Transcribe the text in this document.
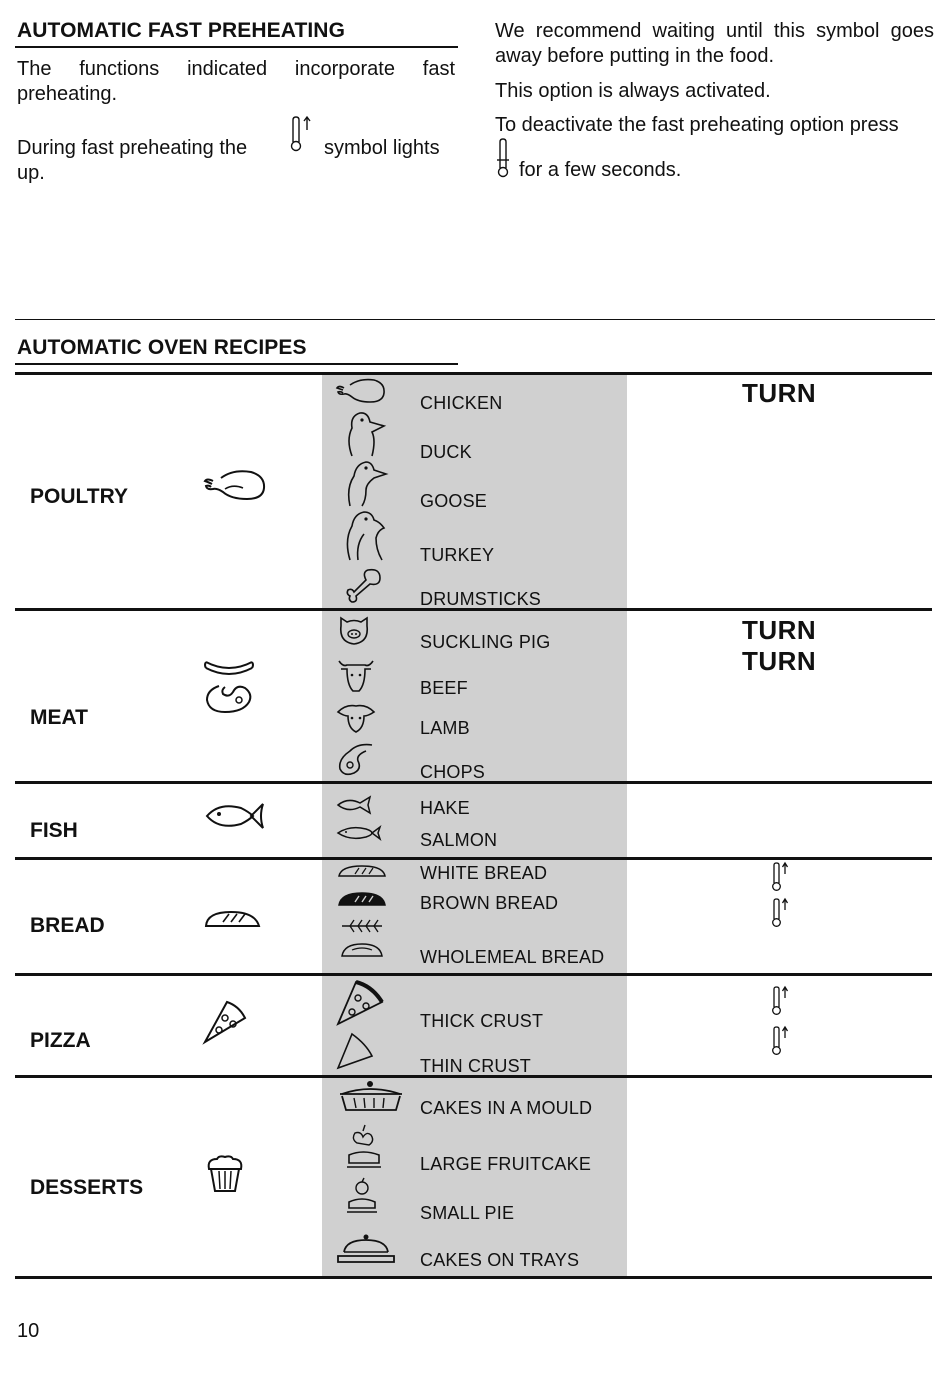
AUTOMATIC FAST PREHEATING
The functions indicated incorporate fast preheating.
During fast preheating the	symbol lights
up.
We recommend waiting until this symbol goes away before putting in the food.
This option is always activated.
To deactivate the fast preheating option press
for a few seconds.
AUTOMATIC OVEN RECIPES
POULTRY
MEAT
FISH
BREAD
PIZZA
DESSERTS
CHICKEN
DUCK
GOOSE
TURKEY
DRUMSTICKS
SUCKLING PIG
BEEF
LAMB
CHOPS
HAKE
SALMON
WHITE BREAD
BROWN BREAD
WHOLEMEAL BREAD
THICK CRUST
THIN CRUST
CAKES IN A MOULD
LARGE FRUITCAKE
SMALL PIE
CAKES ON TRAYS
TURN
TURN
TURN
10
